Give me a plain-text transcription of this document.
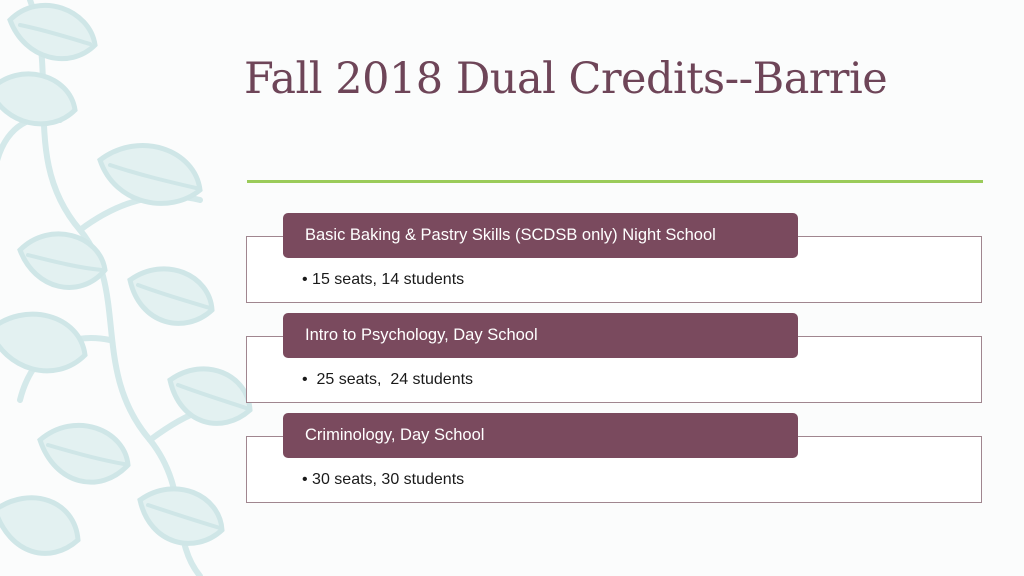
Fall 2018 Dual Credits--Barrie
• 15 seats, 14 students
Basic Baking & Pastry Skills (SCDSB only) Night School
•  25 seats,  24 students
Intro to Psychology, Day School
• 30 seats, 30 students
Criminology, Day School
